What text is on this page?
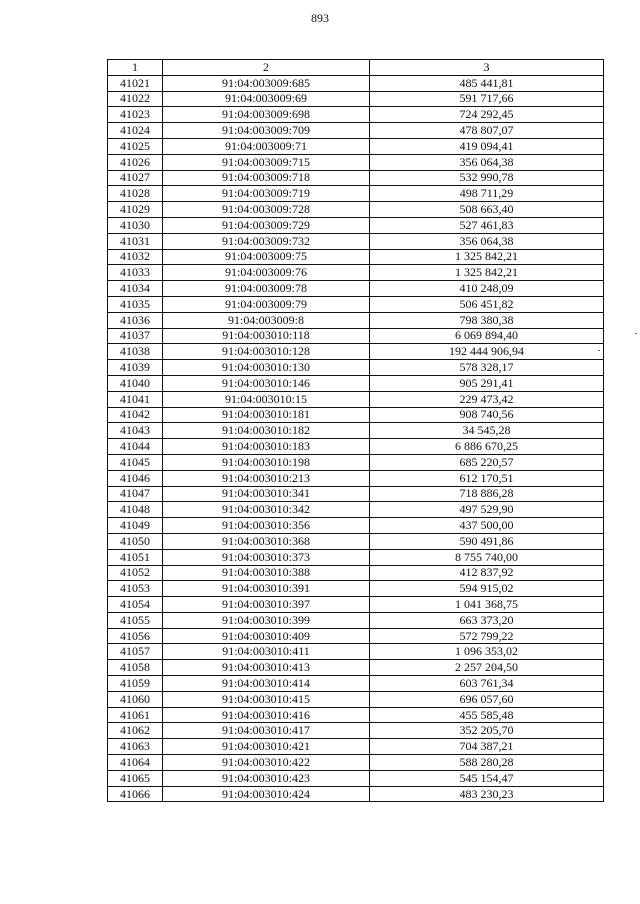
893
1	2	3
41021	91:04:003009:685	485 441,81
41022	91:04:003009:69	591 717,66
41023	91:04:003009:698	724 292,45
41024	91:04:003009:709	478 807,07
41025	91:04:003009:71	419 094,41
41026	91:04:003009:715	356 064,38
41027	91:04:003009:718	532 990,78
41028	91:04:003009:719	498 711,29
41029	91:04:003009:728	508 663,40
41030	91:04:003009:729	527 461,83
41031	91:04:003009:732	356 064,38
41032	91:04:003009:75	1 325 842,21
41033	91:04:003009:76	1 325 842,21
41034	91:04:003009:78	410 248,09
41035	91:04:003009:79	506 451,82
41036	91:04:003009:8	798 380,38
41037	91:04:003010:118	6 069 894,40
41038	91:04:003010:128	192 444 906,94
41039	91:04:003010:130	578 328,17
41040	91:04:003010:146	905 291,41
41041	91:04:003010:15	229 473,42
41042	91:04:003010:181	908 740,56
41043	91:04:003010:182	34 545,28
41044	91:04:003010:183	6 886 670,25
41045	91:04:003010:198	685 220,57
41046	91:04:003010:213	612 170,51
41047	91:04:003010:341	718 886,28
41048	91:04:003010:342	497 529,90
41049	91:04:003010:356	437 500,00
41050	91:04:003010:368	590 491,86
41051	91:04:003010:373	8 755 740,00
41052	91:04:003010:388	412 837,92
41053	91:04:003010:391	594 915,02
41054	91:04:003010:397	1 041 368,75
41055	91:04:003010:399	663 373,20
41056	91:04:003010:409	572 799,22
41057	91:04:003010:411	1 096 353,02
41058	91:04:003010:413	2 257 204,50
41059	91:04:003010:414	603 761,34
41060	91:04:003010:415	696 057,60
41061	91:04:003010:416	455 585,48
41062	91:04:003010:417	352 205,70
41063	91:04:003010:421	704 387,21
41064	91:04:003010:422	588 280,28
41065	91:04:003010:423	545 154,47
41066	91:04:003010:424	483 230,23
